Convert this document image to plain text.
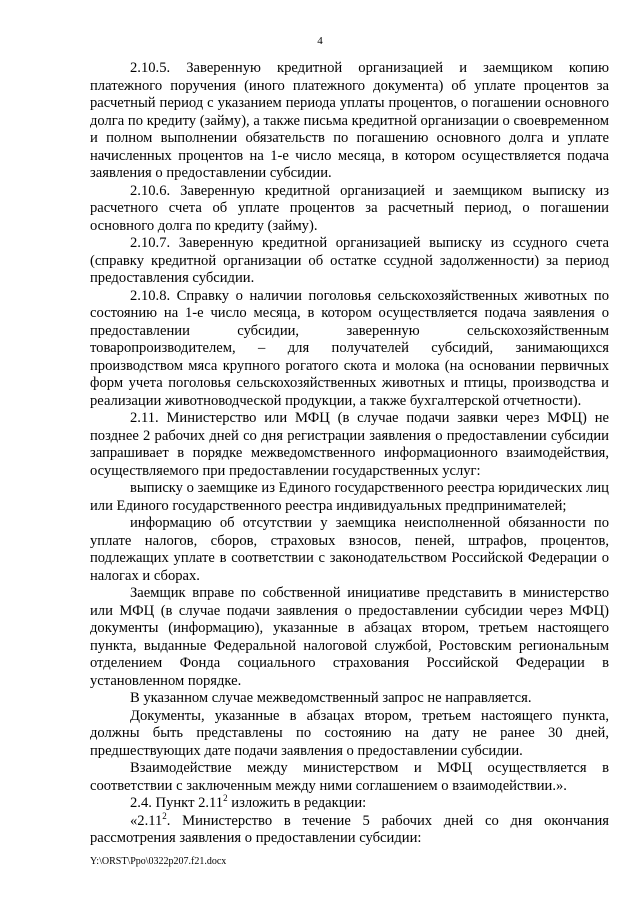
4

2.10.5. Заверенную кредитной организацией и заемщиком копию платежного поручения (иного платежного документа) об уплате процентов за расчетный период с указанием периода уплаты процентов, о погашении основного долга по кредиту (займу), а также письма кредитной организации о своевременном и полном выполнении обязательств по погашению основного долга и уплате начисленных процентов на 1-е число месяца, в котором осуществляется подача заявления о предоставлении субсидии.

2.10.6. Заверенную кредитной организацией и заемщиком выписку из расчетного счета об уплате процентов за расчетный период, о погашении основного долга по кредиту (займу).

2.10.7. Заверенную кредитной организацией выписку из ссудного счета (справку кредитной организации об остатке ссудной задолженности) за период предоставления субсидии.

2.10.8. Справку о наличии поголовья сельскохозяйственных животных по состоянию на 1-е число месяца, в котором осуществляется подача заявления о предоставлении субсидии, заверенную сельскохозяйственным товаропроизводителем, – для получателей субсидий, занимающихся производством мяса крупного рогатого скота и молока (на основании первичных форм учета поголовья сельскохозяйственных животных и птицы, производства и реализации животноводческой продукции, а также бухгалтерской отчетности).

2.11. Министерство или МФЦ (в случае подачи заявки через МФЦ) не позднее 2 рабочих дней со дня регистрации заявления о предоставлении субсидии запрашивает в порядке межведомственного информационного взаимодействия, осуществляемого при предоставлении государственных услуг:

выписку о заемщике из Единого государственного реестра юридических лиц или Единого государственного реестра индивидуальных предпринимателей;

информацию об отсутствии у заемщика неисполненной обязанности по уплате налогов, сборов, страховых взносов, пеней, штрафов, процентов, подлежащих уплате в соответствии с законодательством Российской Федерации о налогах и сборах.

Заемщик вправе по собственной инициативе представить в министерство или МФЦ (в случае подачи заявления о предоставлении субсидии через МФЦ) документы (информацию), указанные в абзацах втором, третьем настоящего пункта, выданные Федеральной налоговой службой, Ростовским региональным отделением Фонда социального страхования Российской Федерации в установленном порядке.

В указанном случае межведомственный запрос не направляется.

Документы, указанные в абзацах втором, третьем настоящего пункта, должны быть представлены по состоянию на дату не ранее 30 дней, предшествующих дате подачи заявления о предоставлении субсидии.

Взаимодействие между министерством и МФЦ осуществляется в соответствии с заключенным между ними соглашением о взаимодействии.».

2.4. Пункт 2.11$^2$ изложить в редакции:

«2.11$^2$. Министерство в течение 5 рабочих дней со дня окончания рассмотрения заявления о предоставлении субсидии:

Y:\ORST\Ppo\0322p207.f21.docx
